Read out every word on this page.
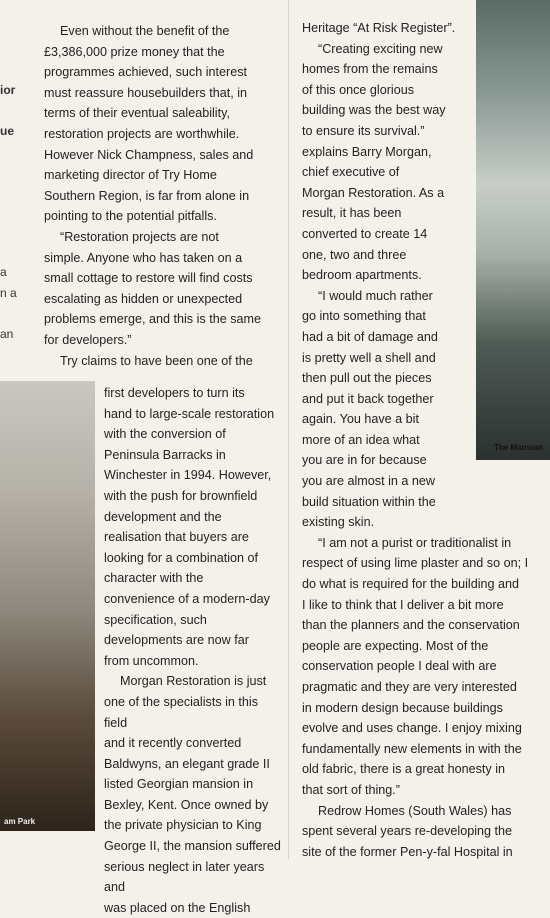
ior
ue
a
n a
an

Even without the benefit of the

£3,386,000 prize money that the

programmes achieved, such interest

must reassure housebuilders that, in

terms of their eventual saleability,

restoration projects are worthwhile.

However Nick Champness, sales and

marketing director of Try Home

Southern Region, is far from alone in

pointing to the potential pitfalls.

“Restoration projects are not

simple. Anyone who has taken on a

small cottage to restore will find costs

escalating as hidden or unexpected

problems emerge, and this is the same

for developers.”

Try claims to have been one of the

am Park

first developers to turn its

hand to large-scale restoration

with the conversion of

Peninsula Barracks in

Winchester in 1994. However,

with the push for brownfield

development and the

realisation that buyers are

looking for a combination of

character with the

convenience of a modern-day

specification, such

developments are now far

from uncommon.

Morgan Restoration is just

one of the specialists in this field

and it recently converted

Baldwyns, an elegant grade II

listed Georgian mansion in

Bexley, Kent. Once owned by

the private physician to King

George II, the mansion suffered

serious neglect in later years and

was placed on the English

Heritage “At Risk Register”.

“Creating exciting new

homes from the remains

of this once glorious

building was the best way

to ensure its survival.”

explains Barry Morgan,

chief executive of

Morgan Restoration. As a

result, it has been

converted to create 14

one, two and three

bedroom apartments.

“I would much rather

go into something that

had a bit of damage and

is pretty well a shell and

then pull out the pieces

and put it back together

again. You have a bit

more of an idea what

you are in for because

you are almost in a new

build situation within the

existing skin.

“I am not a purist or traditionalist in

respect of using lime plaster and so on; I

do what is required for the building and

I like to think that I deliver a bit more

than the planners and the conservation

people are expecting. Most of the

conservation people I deal with are

pragmatic and they are very interested

in modern design because buildings

evolve and uses change. I enjoy mixing

fundamentally new elements in with the

old fabric, there is a great honesty in

that sort of thing.”

Redrow Homes (South Wales) has

spent several years re-developing the

site of the former Pen-y-fal Hospital in

The Mansion
